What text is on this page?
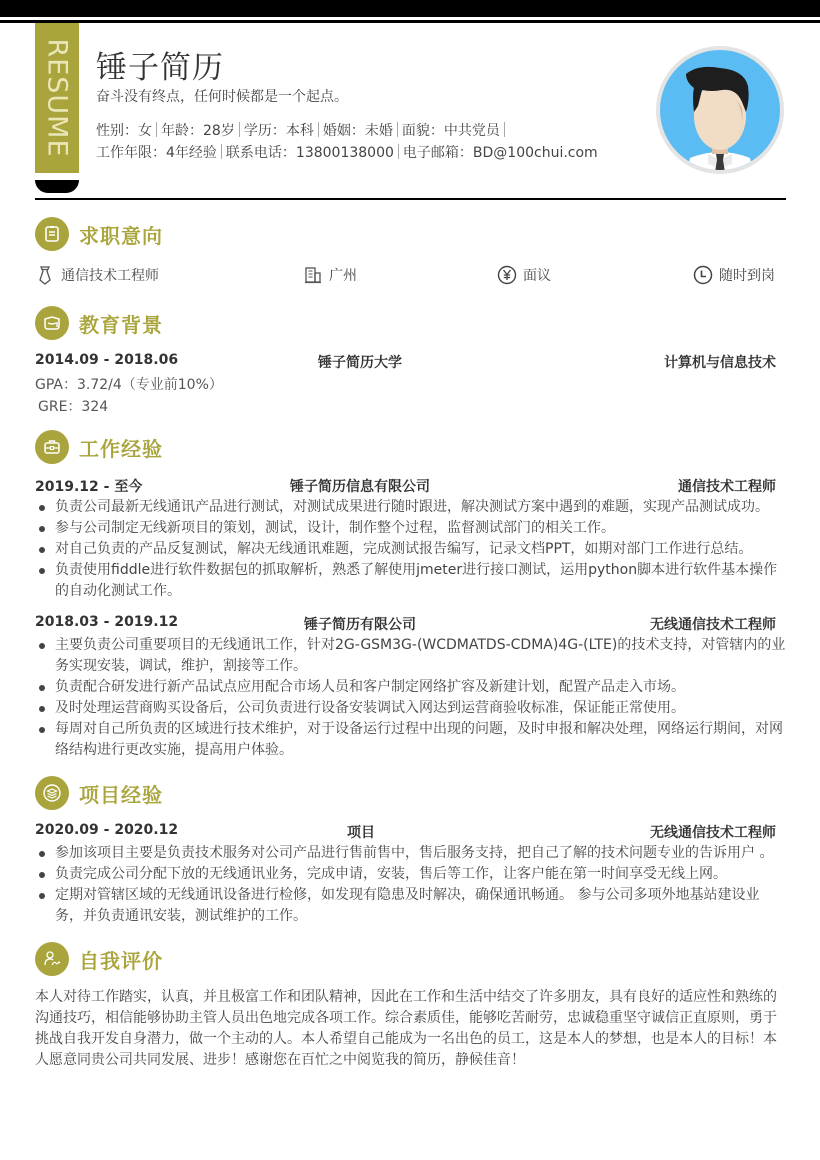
RESUME 锤子简历
奋斗没有终点，任何时候都是一个起点。
性别：女 年龄：28岁 学历：本科 婚姻：未婚 面貌：中共党员
工作年限：4年经验 联系电话：13800138000 电子邮箱：BD@100chui.com
求职意向
通信技术工程师	广州	面议	随时到岗
教育背景
2014.09 - 2018.06	锤子简历大学	计算机与信息技术
GPA：3.72/4（专业前10%）
GRE：324
工作经验
2019.12 - 至今	锤子简历信息有限公司	通信技术工程师
负责公司最新无线通讯产品进行测试，对测试成果进行随时跟进，解决测试方案中遇到的难题，实现产品测试成功。
参与公司制定无线新项目的策划，测试，设计，制作整个过程，监督测试部门的相关工作。
对自己负责的产品反复测试，解决无线通讯难题，完成测试报告编写，记录文档PPT，如期对部门工作进行总结。
负责使用fiddle进行软件数据包的抓取解析，熟悉了解使用jmeter进行接口测试，运用python脚本进行软件基本操作的自动化测试工作。
2018.03 - 2019.12	锤子简历有限公司	无线通信技术工程师
主要负责公司重要项目的无线通讯工作，针对2G-GSM3G-(WCDMATDS-CDMA)4G-(LTE)的技术支持，对管辖内的业务实现安装，调试，维护，割接等工作。
负责配合研发进行新产品试点应用配合市场人员和客户制定网络扩容及新建计划，配置产品走入市场。
及时处理运营商购买设备后，公司负责进行设备安装调试入网达到运营商验收标准，保证能正常使用。
每周对自己所负责的区域进行技术维护，对于设备运行过程中出现的问题，及时申报和解决处理，网络运行期间，对网络结构进行更改实施，提高用户体验。
项目经验
2020.09 - 2020.12	项目	无线通信技术工程师
参加该项目主要是负责技术服务对公司产品进行售前售中，售后服务支持，把自己了解的技术问题专业的告诉用户 。
负责完成公司分配下放的无线通讯业务，完成申请，安装，售后等工作，让客户能在第一时间享受无线上网。
定期对管辖区域的无线通讯设备进行检修，如发现有隐患及时解决，确保通讯畅通。 参与公司多项外地基站建设业务，并负责通讯安装，测试维护的工作。
自我评价
本人对待工作踏实，认真，并且极富工作和团队精神，因此在工作和生活中结交了许多朋友，具有良好的适应性和熟练的沟通技巧，相信能够协助主管人员出色地完成各项工作。综合素质佳，能够吃苦耐劳，忠诚稳重坚守诚信正直原则，勇于挑战自我开发自身潜力，做一个主动的人。本人希望自己能成为一名出色的员工，这是本人的梦想，也是本人的目标！本人愿意同贵公司共同发展、进步！感谢您在百忙之中阅览我的简历，静候佳音！
